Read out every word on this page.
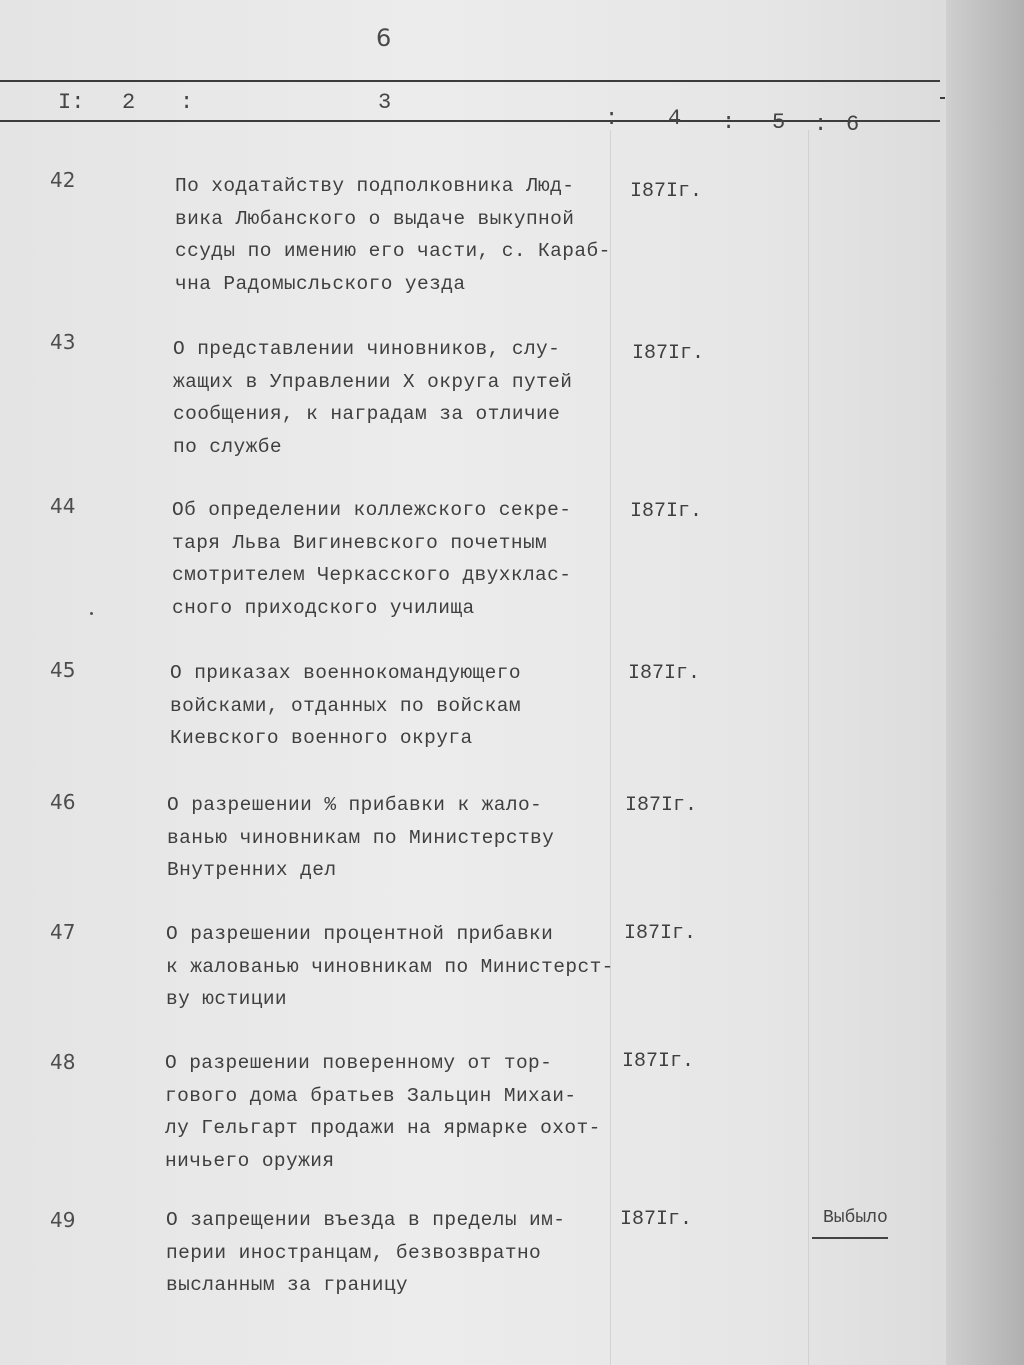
6
I: 2 :	3
: 4 : 5 : 6
42	По ходатайству подполковника Люд-
вика Любанского о выдаче выкупной
ссуды по имению его части, с. Караб-
чна Радомысльского уезда
I87Iг.
43	О представлении чиновников, слу-
жащих в Управлении X округа путей
сообщения, к наградам за отличие
по службе
I87Iг.
44	Об определении коллежского секре-
таря Льва Вигиневского почетным
смотрителем Черкасского двухклас-
сного приходского училища
I87Iг.
45	О приказах военнокомандующего
войсками, отданных по войскам
Киевского военного округа
I87Iг.
46	О разрешении % прибавки к жало-
ванью чиновникам по Министерству
Внутренних дел
I87Iг.
47	О разрешении процентной прибавки
к жалованью чиновникам по Министерст-
ву юстиции
I87Iг.
48	О разрешении поверенному от тор-
гового дома братьев Зальцин Михаи-
лу Гельгарт продажи на ярмарке охот-
ничьего оружия
I87Iг.
49	О запрещении въезда в пределы им-
перии иностранцам, безвозвратно
высланным за границу
I87Iг.	Выбыло
